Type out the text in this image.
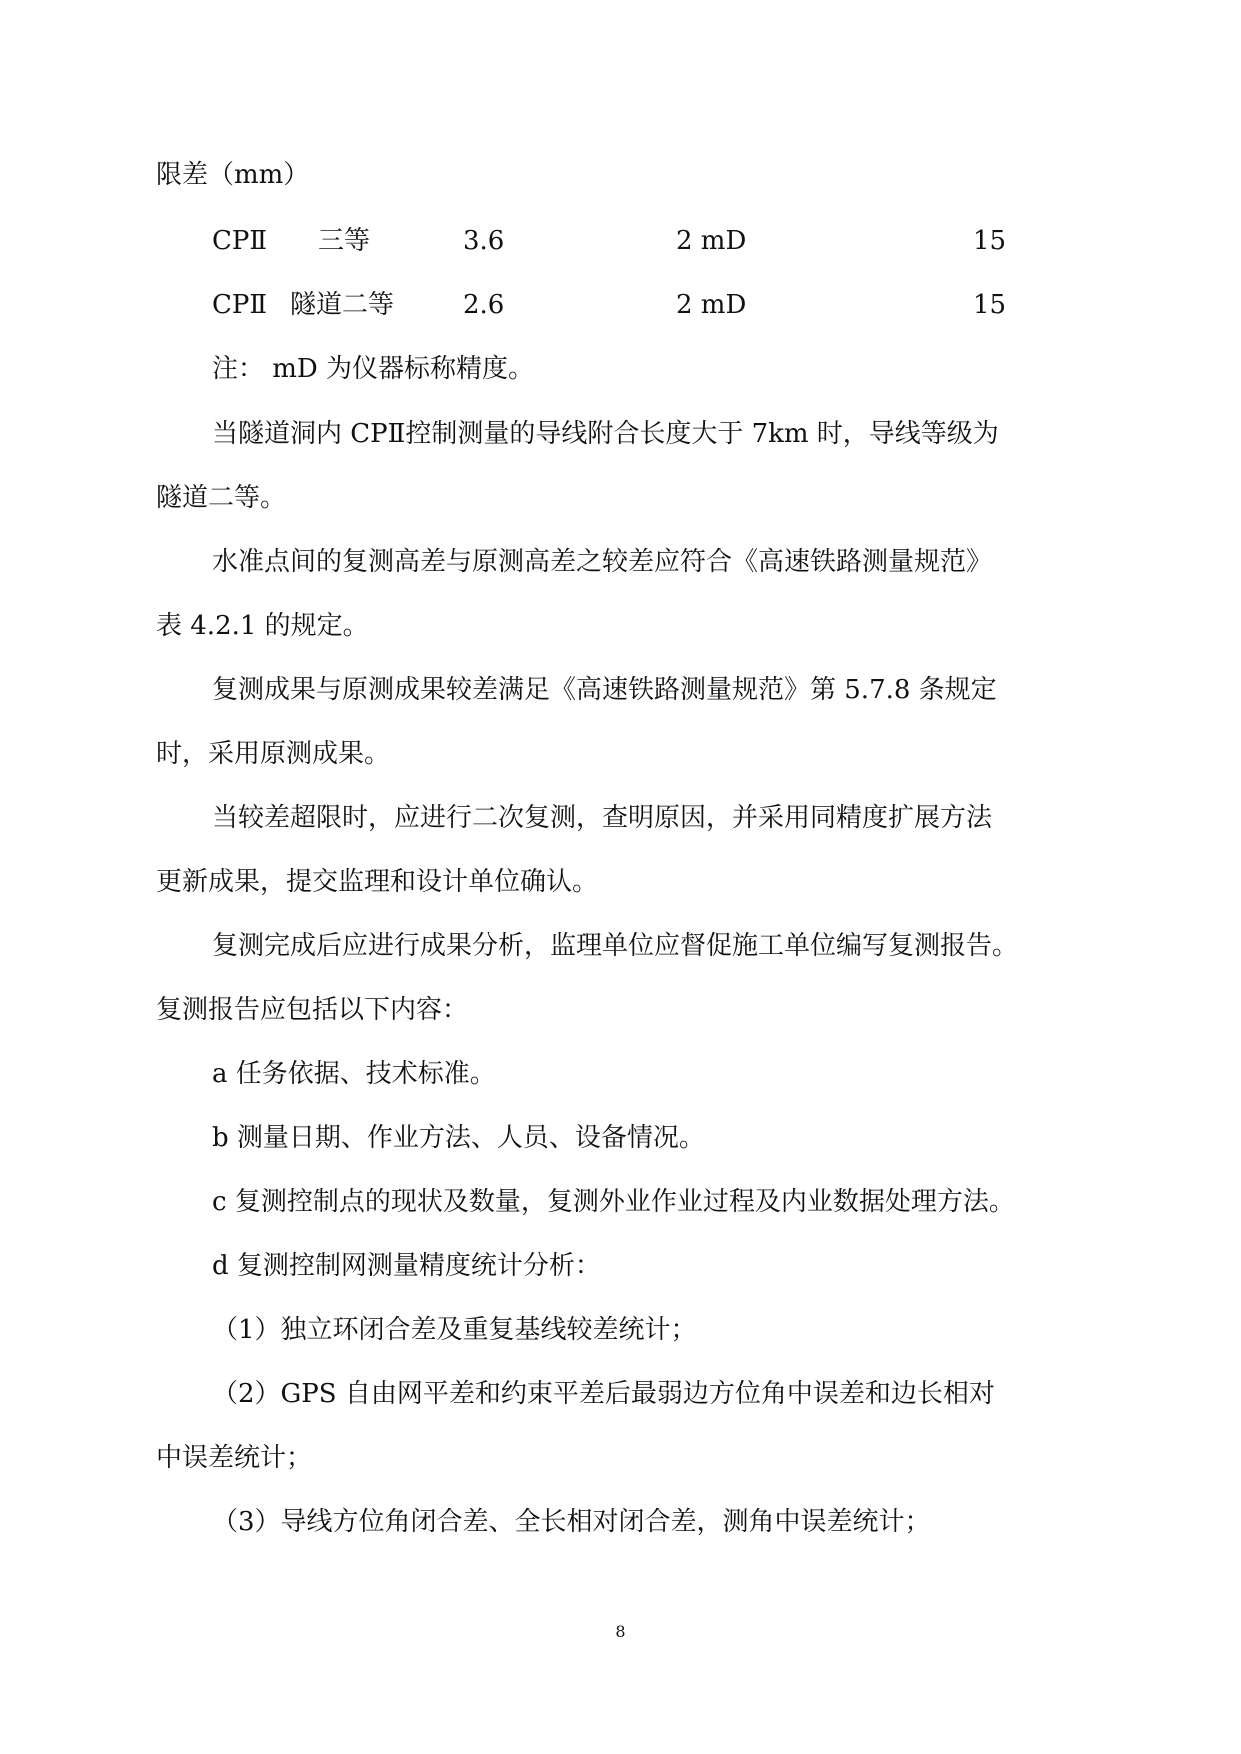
限差（mm）
CPⅡ 三等	3.6	2 mD	15
CPⅡ 隧道二等	2.6	2 mD	15
注： mD 为仪器标称精度。
当隧道洞内 CPⅡ控制测量的导线附合长度大于 7km 时，导线等级为
隧道二等。
水准点间的复测高差与原测高差之较差应符合《高速铁路测量规范》
表 4.2.1 的规定。
复测成果与原测成果较差满足《高速铁路测量规范》第 5.7.8 条规定
时，采用原测成果。
当较差超限时，应进行二次复测，查明原因，并采用同精度扩展方法
更新成果，提交监理和设计单位确认。
复测完成后应进行成果分析，监理单位应督促施工单位编写复测报告。
复测报告应包括以下内容：
a 任务依据、技术标准。
b 测量日期、作业方法、人员、设备情况。
c 复测控制点的现状及数量，复测外业作业过程及内业数据处理方法。
d 复测控制网测量精度统计分析：
（1）独立环闭合差及重复基线较差统计；
（2）GPS 自由网平差和约束平差后最弱边方位角中误差和边长相对
中误差统计；
（3）导线方位角闭合差、全长相对闭合差，测角中误差统计；
8
